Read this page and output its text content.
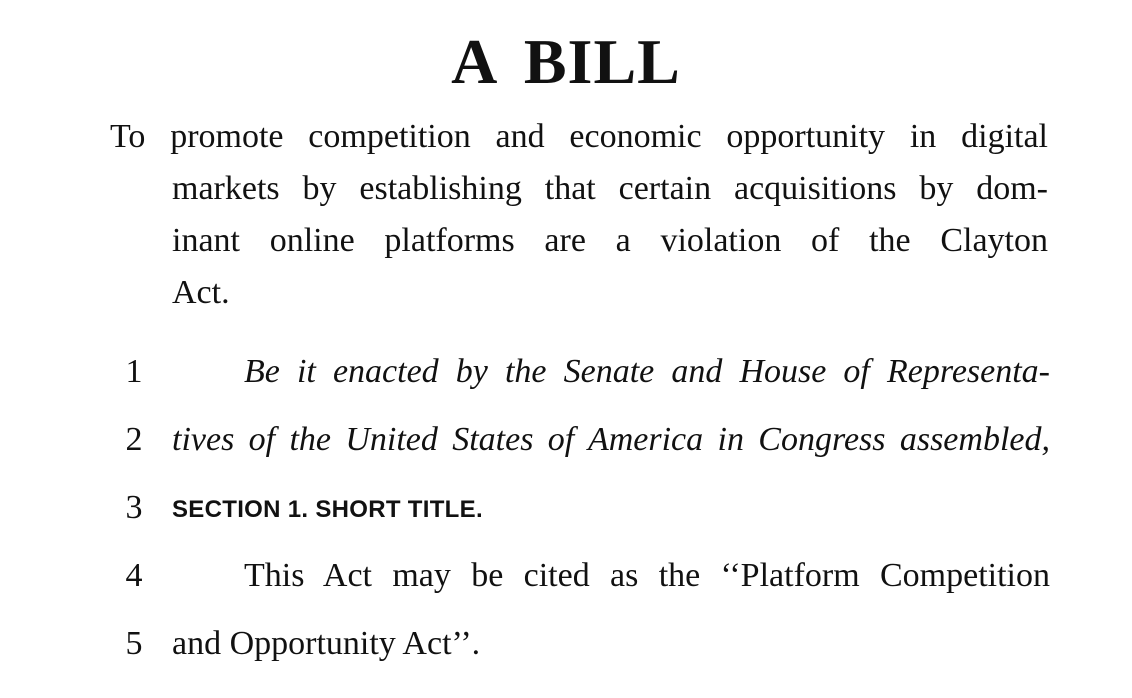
A BILL
To promote competition and economic opportunity in digital
markets by establishing that certain acquisitions by dom-
inant online platforms are a violation of the Clayton
Act.
1	Be it enacted by the Senate and House of Representa-
2 tives of the United States of America in Congress assembled,
3	SECTION 1. SHORT TITLE.
4	This Act may be cited as the ‘‘Platform Competition
5 and Opportunity Act’’.
